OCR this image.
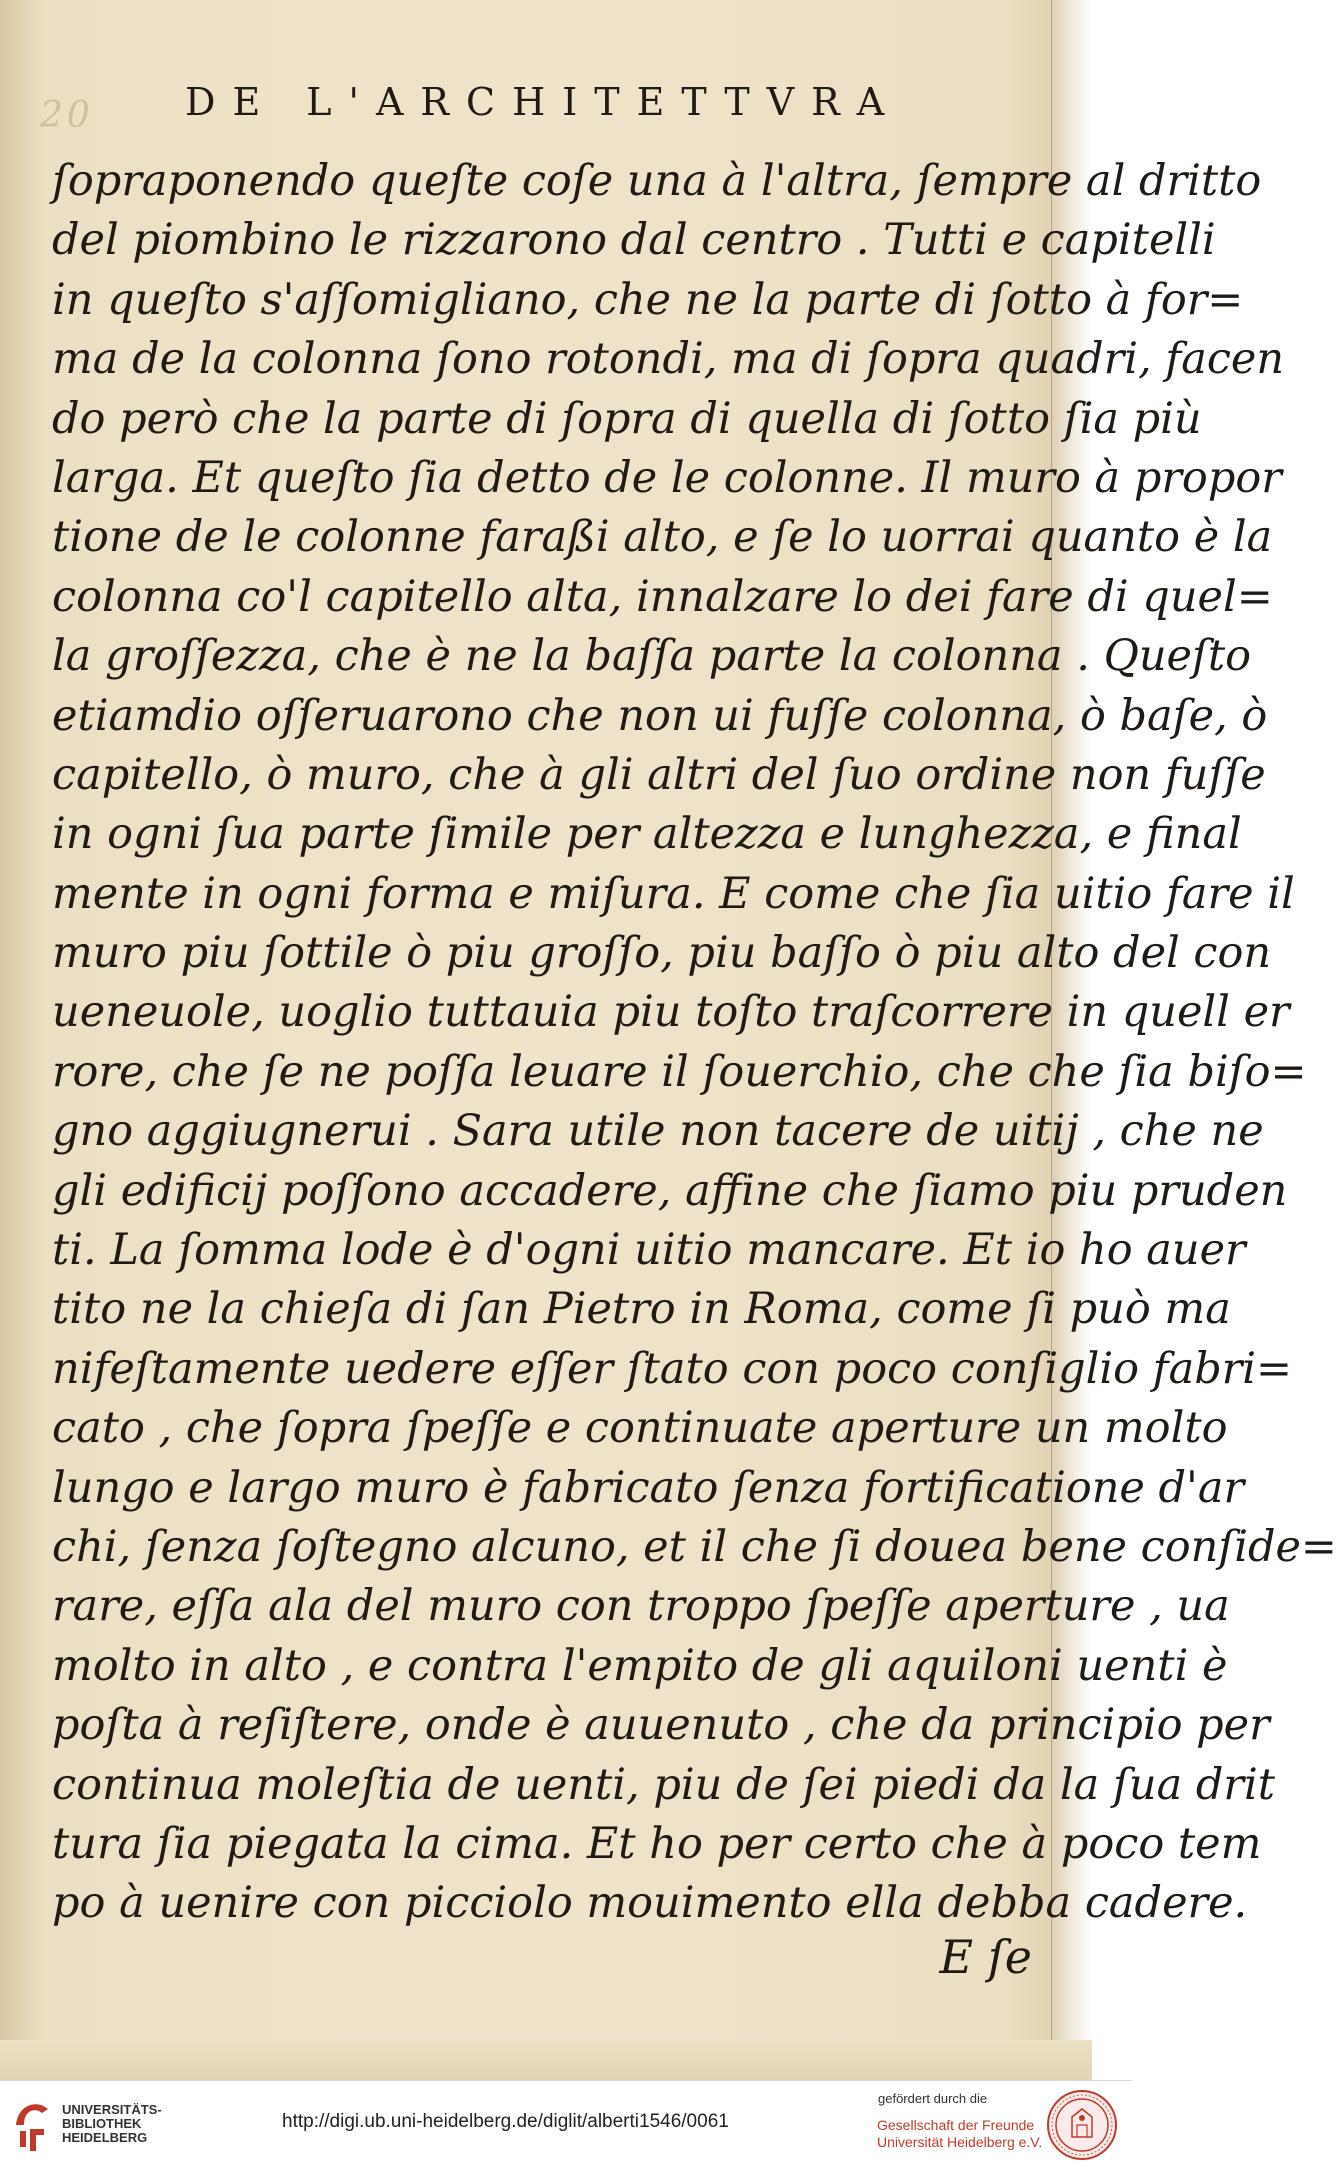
20 DE L'ARCHITETTVRA
ſopraponendo queſte coſe una à l'altra, ſempre al dritto
del piombino le rizzarono dal centro . Tutti e capitelli
in queſto s'aſſomigliano, che ne la parte di ſotto à for=
ma de la colonna ſono rotondi, ma di ſopra quadri, facen
do però che la parte di ſopra di quella di ſotto ſia più
larga. Et queſto ſia detto de le colonne. Il muro à propor
tione de le colonne faraßi alto, e ſe lo uorrai quanto è la
colonna co'l capitello alta, innalzare lo dei fare di quel=
la groſſezza, che è ne la baſſa parte la colonna . Queſto
etiamdio oſſeruarono che non ui fuſſe colonna, ò baſe, ò
capitello, ò muro, che à gli altri del ſuo ordine non fuſſe
in ogni ſua parte ſimile per altezza e lunghezza, e final
mente in ogni forma e miſura. E come che ſia uitio fare il
muro piu ſottile ò piu groſſo, piu baſſo ò piu alto del con
ueneuole, uoglio tuttauia piu toſto traſcorrere in quell er
rore, che ſe ne poſſa leuare il ſouerchio, che che ſia biſo=
gno aggiugnerui . Sara utile non tacere de uitij , che ne
gli edificij poſſono accadere, affine che ſiamo piu pruden
ti. La ſomma lode è d'ogni uitio mancare. Et io ho auer
tito ne la chieſa di ſan Pietro in Roma, come ſi può ma
nifeſtamente uedere eſſer ſtato con poco conſiglio fabri=
cato , che ſopra ſpeſſe e continuate aperture un molto
lungo e largo muro è fabricato ſenza fortificatione d'ar
chi, ſenza ſoſtegno alcuno, et il che ſi douea bene conſide=
rare, eſſa ala del muro con troppo ſpeſſe aperture , ua
molto in alto , e contra l'empito de gli aquiloni uenti è
poſta à reſiſtere, onde è auuenuto , che da principio per
continua moleſtia de uenti, piu de ſei piedi da la ſua drit
tura ſia piegata la cima. Et ho per certo che à poco tem
po à uenire con picciolo mouimento ella debba cadere.
E ſe
UNIVERSITÄTS-
BIBLIOTHEK
HEIDELBERG
http://digi.ub.uni-heidelberg.de/diglit/alberti1546/0061
gefördert durch die
Gesellschaft der Freunde
Universität Heidelberg e.V.
